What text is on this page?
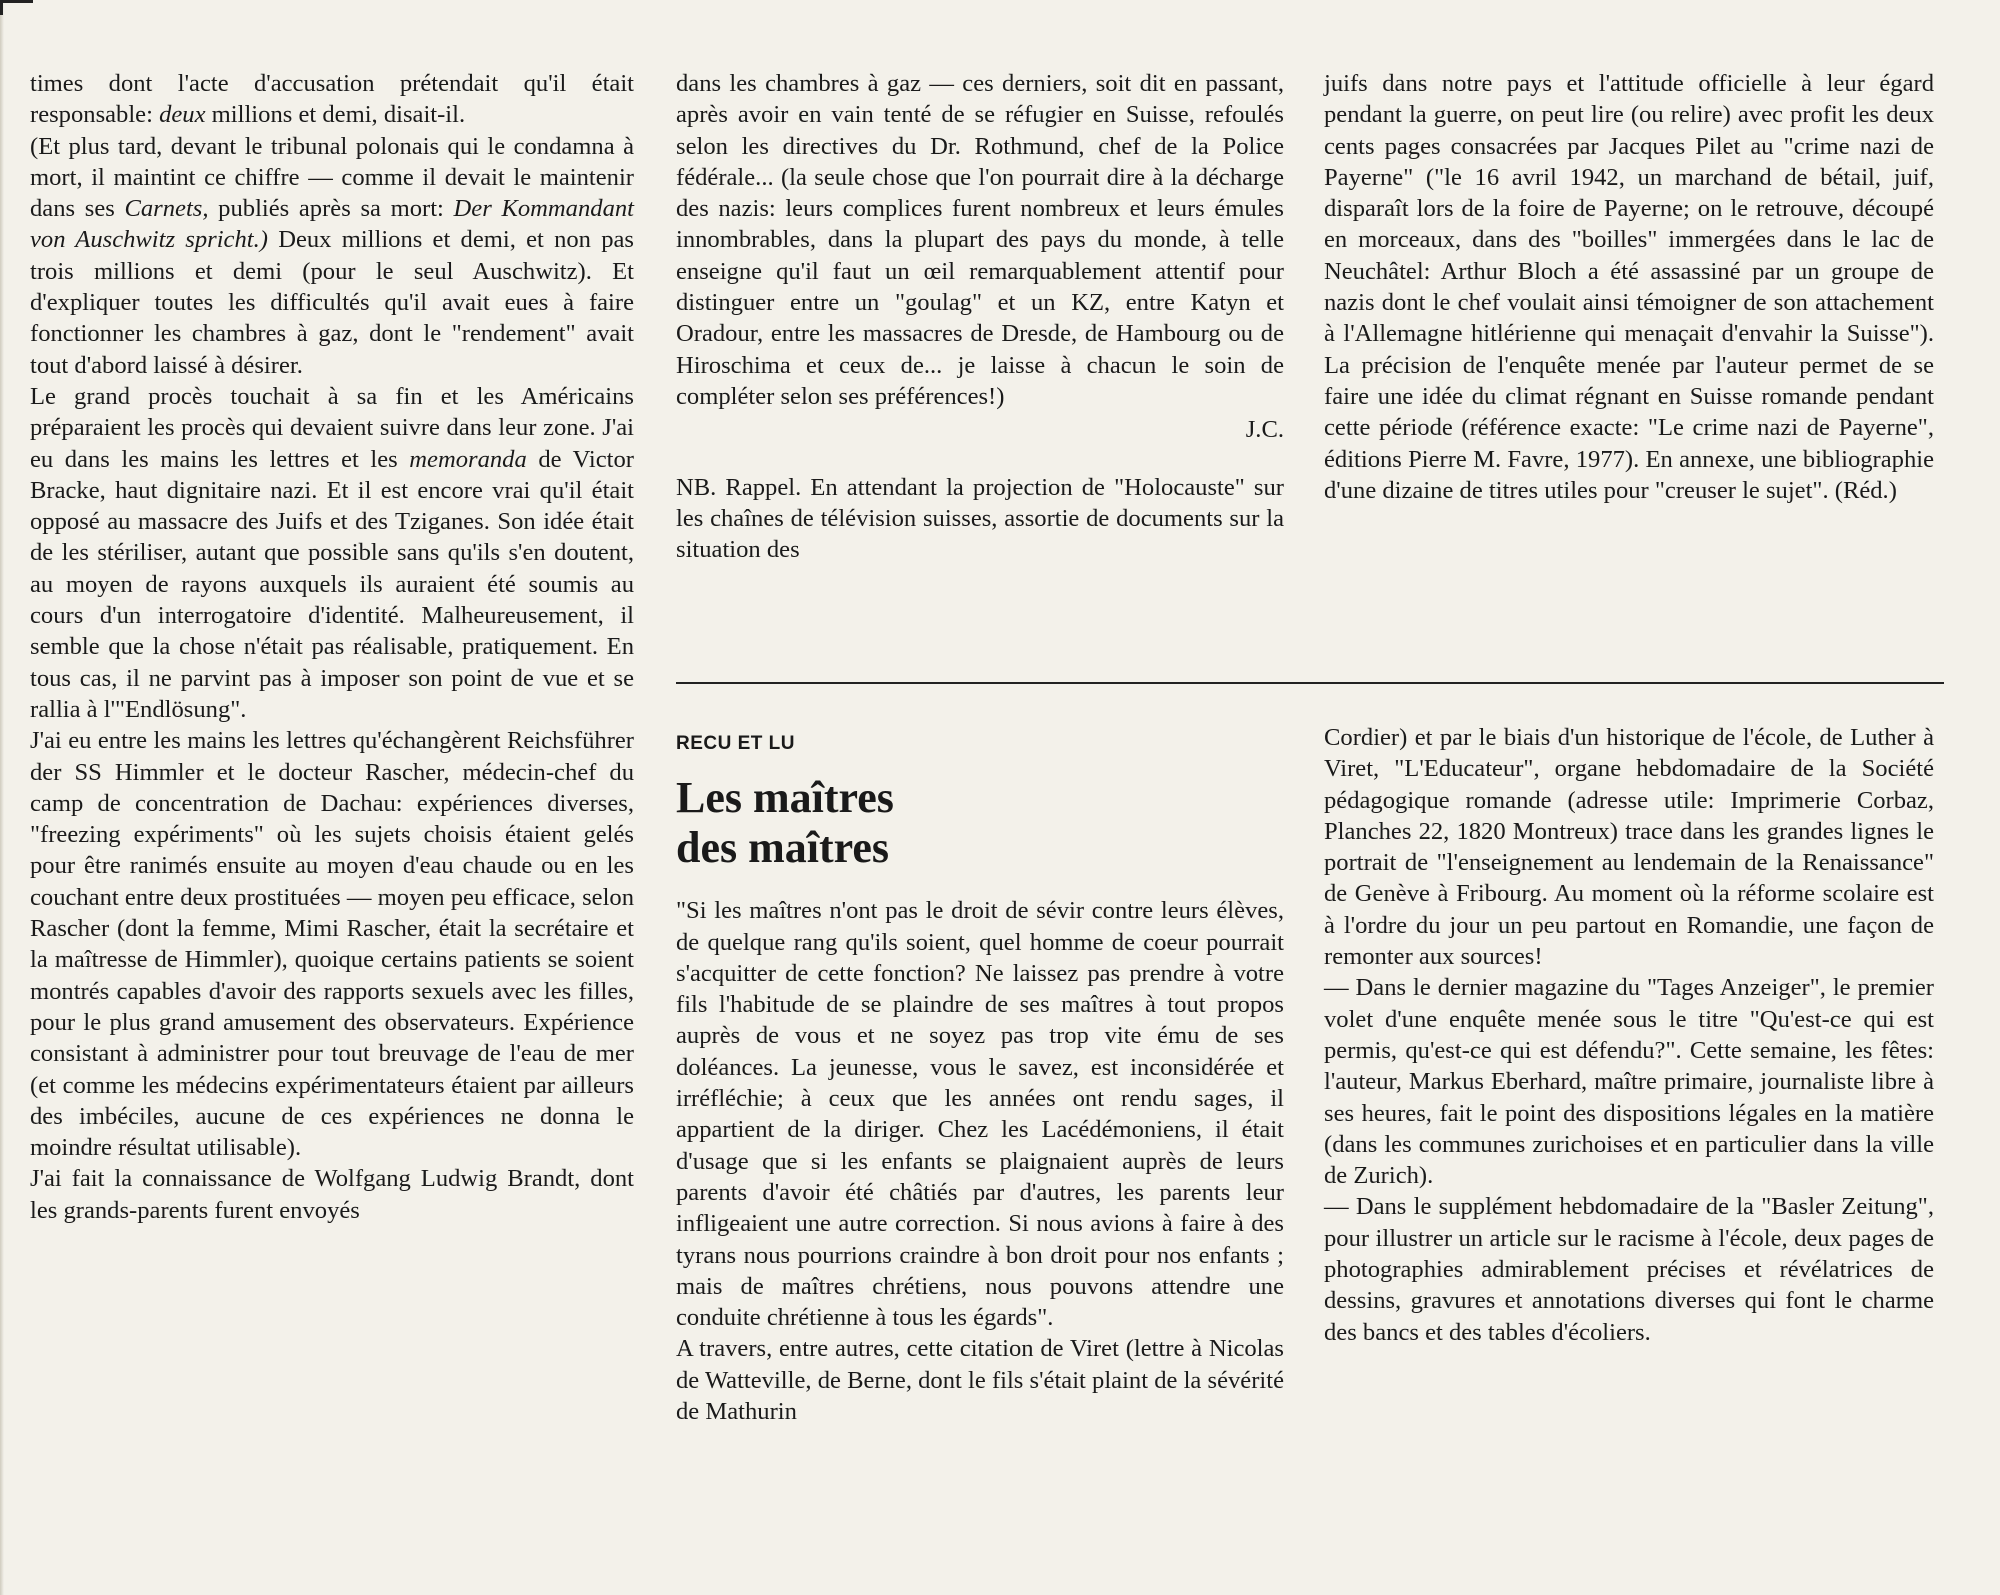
times dont l'acte d'accusation prétendait qu'il était responsable: deux millions et demi, disait-il.

(Et plus tard, devant le tribunal polonais qui le condamna à mort, il maintint ce chiffre — comme il devait le maintenir dans ses Carnets, publiés après sa mort: Der Kommandant von Auschwitz spricht.) Deux millions et demi, et non pas trois millions et demi (pour le seul Auschwitz). Et d'expliquer toutes les difficultés qu'il avait eues à faire fonctionner les chambres à gaz, dont le "rendement" avait tout d'abord laissé à désirer.

Le grand procès touchait à sa fin et les Américains préparaient les procès qui devaient suivre dans leur zone. J'ai eu dans les mains les lettres et les memoranda de Victor Bracke, haut dignitaire nazi. Et il est encore vrai qu'il était opposé au massacre des Juifs et des Tziganes. Son idée était de les stériliser, autant que possible sans qu'ils s'en doutent, au moyen de rayons auxquels ils auraient été soumis au cours d'un interrogatoire d'identité. Malheureusement, il semble que la chose n'était pas réalisable, pratiquement. En tous cas, il ne parvint pas à imposer son point de vue et se rallia à l'"Endlösung".

J'ai eu entre les mains les lettres qu'échangèrent Reichsführer der SS Himmler et le docteur Rascher, médecin-chef du camp de concentration de Dachau: expériences diverses, "freezing expériments" où les sujets choisis étaient gelés pour être ranimés ensuite au moyen d'eau chaude ou en les couchant entre deux prostituées — moyen peu efficace, selon Rascher (dont la femme, Mimi Rascher, était la secrétaire et la maîtresse de Himmler), quoique certains patients se soient montrés capables d'avoir des rapports sexuels avec les filles, pour le plus grand amusement des observateurs. Expérience consistant à administrer pour tout breuvage de l'eau de mer (et comme les médecins expérimentateurs étaient par ailleurs des imbéciles, aucune de ces expériences ne donna le moindre résultat utilisable).

J'ai fait la connaissance de Wolfgang Ludwig Brandt, dont les grands-parents furent envoyés

dans les chambres à gaz — ces derniers, soit dit en passant, après avoir en vain tenté de se réfugier en Suisse, refoulés selon les directives du Dr. Rothmund, chef de la Police fédérale... (la seule chose que l'on pourrait dire à la décharge des nazis: leurs complices furent nombreux et leurs émules innombrables, dans la plupart des pays du monde, à telle enseigne qu'il faut un œil remarquablement attentif pour distinguer entre un "goulag" et un KZ, entre Katyn et Oradour, entre les massacres de Dresde, de Hambourg ou de Hiroschima et ceux de... je laisse à chacun le soin de compléter selon ses préférences!)

J.C.

NB. Rappel. En attendant la projection de "Holocauste" sur les chaînes de télévision suisses, assortie de documents sur la situation des

juifs dans notre pays et l'attitude officielle à leur égard pendant la guerre, on peut lire (ou relire) avec profit les deux cents pages consacrées par Jacques Pilet au "crime nazi de Payerne" ("le 16 avril 1942, un marchand de bétail, juif, disparaît lors de la foire de Payerne; on le retrouve, découpé en morceaux, dans des "boilles" immergées dans le lac de Neuchâtel: Arthur Bloch a été assassiné par un groupe de nazis dont le chef voulait ainsi témoigner de son attachement à l'Allemagne hitlérienne qui menaçait d'envahir la Suisse"). La précision de l'enquête menée par l'auteur permet de se faire une idée du climat régnant en Suisse romande pendant cette période (référence exacte: "Le crime nazi de Payerne", éditions Pierre M. Favre, 1977). En annexe, une bibliographie d'une dizaine de titres utiles pour "creuser le sujet". (Réd.)

RECU ET LU
Les maîtres
des maîtres

"Si les maîtres n'ont pas le droit de sévir contre leurs élèves, de quelque rang qu'ils soient, quel homme de coeur pourrait s'acquitter de cette fonction? Ne laissez pas prendre à votre fils l'habitude de se plaindre de ses maîtres à tout propos auprès de vous et ne soyez pas trop vite ému de ses doléances. La jeunesse, vous le savez, est inconsidérée et irréfléchie; à ceux que les années ont rendu sages, il appartient de la diriger. Chez les Lacédémoniens, il était d'usage que si les enfants se plaignaient auprès de leurs parents d'avoir été châtiés par d'autres, les parents leur infligeaient une autre correction. Si nous avions à faire à des tyrans nous pourrions craindre à bon droit pour nos enfants ; mais de maîtres chrétiens, nous pouvons attendre une conduite chrétienne à tous les égards".

A travers, entre autres, cette citation de Viret (lettre à Nicolas de Watteville, de Berne, dont le fils s'était plaint de la sévérité de Mathurin

Cordier) et par le biais d'un historique de l'école, de Luther à Viret, "L'Educateur", organe hebdomadaire de la Société pédagogique romande (adresse utile: Imprimerie Corbaz, Planches 22, 1820 Montreux) trace dans les grandes lignes le portrait de "l'enseignement au lendemain de la Renaissance" de Genève à Fribourg. Au moment où la réforme scolaire est à l'ordre du jour un peu partout en Romandie, une façon de remonter aux sources!

— Dans le dernier magazine du "Tages Anzeiger", le premier volet d'une enquête menée sous le titre "Qu'est-ce qui est permis, qu'est-ce qui est défendu?". Cette semaine, les fêtes: l'auteur, Markus Eberhard, maître primaire, journaliste libre à ses heures, fait le point des dispositions légales en la matière (dans les communes zurichoises et en particulier dans la ville de Zurich).

— Dans le supplément hebdomadaire de la "Basler Zeitung", pour illustrer un article sur le racisme à l'école, deux pages de photographies admirablement précises et révélatrices de dessins, gravures et annotations diverses qui font le charme des bancs et des tables d'écoliers.
